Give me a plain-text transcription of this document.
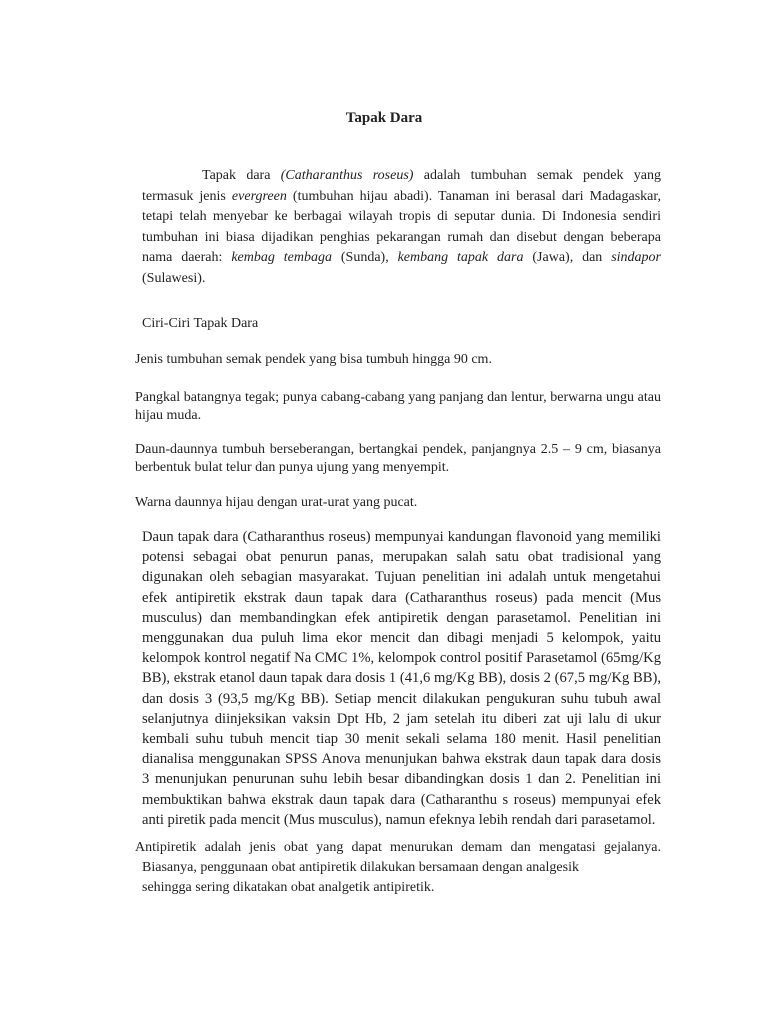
Tapak Dara

Tapak dara (Catharanthus roseus) adalah tumbuhan semak pendek yang termasuk jenis evergreen (tumbuhan hijau abadi). Tanaman ini berasal dari Madagaskar, tetapi telah menyebar ke berbagai wilayah tropis di seputar dunia. Di Indonesia sendiri tumbuhan ini biasa dijadikan penghias pekarangan rumah dan disebut dengan beberapa nama daerah: kembag tembaga (Sunda), kembang tapak dara (Jawa), dan sindapor (Sulawesi).

Ciri-Ciri Tapak Dara

Jenis tumbuhan semak pendek yang bisa tumbuh hingga 90 cm.

Pangkal batangnya tegak; punya cabang-cabang yang panjang dan lentur, berwarna ungu atau hijau muda.

Daun-daunnya tumbuh berseberangan, bertangkai pendek, panjangnya 2.5 – 9 cm, biasanya berbentuk bulat telur dan punya ujung yang menyempit.

Warna daunnya hijau dengan urat-urat yang pucat.

Daun tapak dara (Catharanthus roseus) mempunyai kandungan flavonoid yang memiliki potensi sebagai obat penurun panas, merupakan salah satu obat tradisional yang digunakan oleh sebagian masyarakat. Tujuan penelitian ini adalah untuk mengetahui efek antipiretik ekstrak daun tapak dara (Catharanthus roseus) pada mencit (Mus musculus) dan membandingkan efek antipiretik dengan parasetamol. Penelitian ini menggunakan dua puluh lima ekor mencit dan dibagi menjadi 5 kelompok, yaitu kelompok kontrol negatif Na CMC 1%, kelompok control positif Parasetamol (65mg/Kg BB), ekstrak etanol daun tapak dara dosis 1 (41,6 mg/Kg BB), dosis 2 (67,5 mg/Kg BB), dan dosis 3 (93,5 mg/Kg BB). Setiap mencit dilakukan pengukuran suhu tubuh awal selanjutnya diinjeksikan vaksin Dpt Hb, 2 jam setelah itu diberi zat uji lalu di ukur kembali suhu tubuh mencit tiap 30 menit sekali selama 180 menit. Hasil penelitian dianalisa menggunakan SPSS Anova menunjukan bahwa ekstrak daun tapak dara dosis 3 menunjukan penurunan suhu lebih besar dibandingkan dosis 1 dan 2. Penelitian ini membuktikan bahwa ekstrak daun tapak dara (Catharanthu s roseus) mempunyai efek anti piretik pada mencit (Mus musculus), namun efeknya lebih rendah dari parasetamol.

Antipiretik adalah jenis obat yang dapat menurukan demam dan mengatasi gejalanya.
Biasanya, penggunaan obat antipiretik dilakukan bersamaan dengan analgesik
sehingga sering dikatakan obat analgetik antipiretik.
